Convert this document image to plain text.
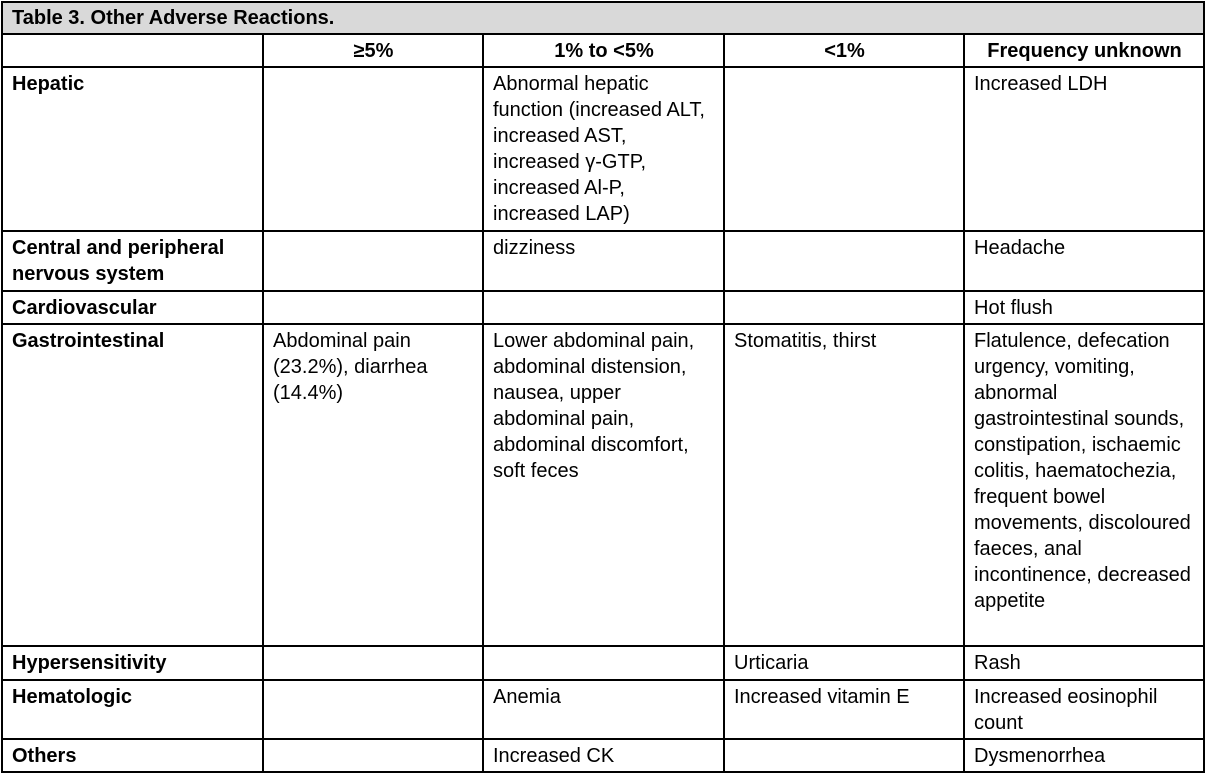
Table 3. Other Adverse Reactions.				
	≥5%	1% to <5%	<1%	Frequency unknown
Hepatic		Abnormal hepatic function (increased ALT, increased AST, increased γ-GTP, increased Al-P, increased LAP)		Increased LDH
Central and peripheral nervous system		dizziness		Headache
Cardiovascular				Hot flush
Gastrointestinal	Abdominal pain (23.2%), diarrhea (14.4%)	Lower abdominal pain, abdominal distension, nausea, upper abdominal pain, abdominal discomfort, soft feces	Stomatitis, thirst	Flatulence, defecation urgency, vomiting, abnormal gastrointestinal sounds, constipation, ischaemic colitis, haematochezia, frequent bowel movements, discoloured faeces, anal incontinence, decreased appetite
Hypersensitivity			Urticaria	Rash
Hematologic		Anemia	Increased vitamin E	Increased eosinophil count
Others		Increased CK		Dysmenorrhea
